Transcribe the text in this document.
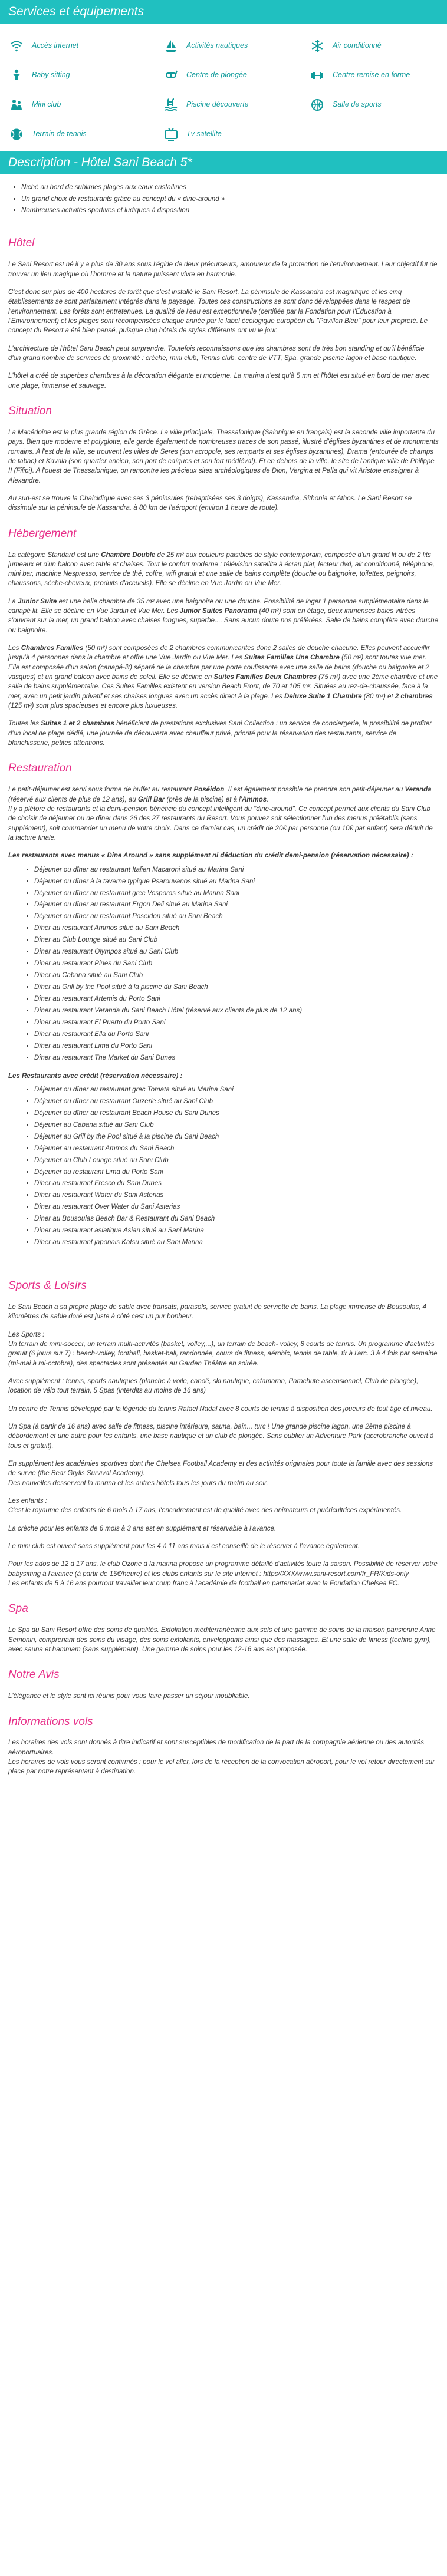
Services et équipements
Accès internet	Activités nautiques	Air conditionné
Baby sitting	Centre de plongée	Centre remise en forme
Mini club	Piscine découverte	Salle de sports
Terrain de tennis	Tv satellite
Description - Hôtel Sani Beach 5*
• Niché au bord de sublimes plages aux eaux cristallines
• Un grand choix de restaurants grâce au concept du « dine-around »
• Nombreuses activités sportives et ludiques à disposition
Hôtel

Le Sani Resort est né il y a plus de 30 ans sous l'égide de deux précurseurs, amoureux de la protection de l'environnement. Leur objectif fut de trouver un lieu magique où l'homme et la nature puissent vivre en harmonie.

C'est donc sur plus de 400 hectares de forêt que s'est installé le Sani Resort. La péninsule de Kassandra est magnifique et les cinq établissements se sont parfaitement intégrés dans le paysage. Toutes ces constructions se sont donc développées dans le respect de l'environnement. Les forêts sont entretenues. La qualité de l'eau est exceptionnelle (certifiée par la Fondation pour l'Éducation à l'Environnement) et les plages sont récompensées chaque année par le label écologique européen du "Pavillon Bleu" pour leur propreté. Le concept du Resort a été bien pensé, puisque cinq hôtels de styles différents ont vu le jour.

L'architecture de l'hôtel Sani Beach peut surprendre. Toutefois reconnaissons que les chambres sont de très bon standing et qu'il bénéficie d'un grand nombre de services de proximité : crèche, mini club, Tennis club, centre de VTT, Spa, grande piscine lagon et base nautique.

L'hôtel a créé de superbes chambres à la décoration élégante et moderne. La marina n'est qu'à 5 mn et l'hôtel est situé en bord de mer avec une plage, immense et sauvage.

Situation

La Macédoine est la plus grande région de Grèce. La ville principale, Thessalonique (Salonique en français) est la seconde ville importante du pays. Bien que moderne et polyglotte, elle garde également de nombreuses traces de son passé, illustré d'églises byzantines et de monuments romains. A l'est de la ville, se trouvent les villes de Seres (son acropole, ses remparts et ses églises byzantines), Drama (entourée de champs de tabac) et Kavala (son quartier ancien, son port de caïques et son fort médiéval). Et en dehors de la ville, le site de l'antique ville de Philippe II (Filipi). A l'ouest de Thessalonique, on rencontre les précieux sites archéologiques de Dion, Vergina et Pella qui vit Aristote enseigner à Alexandre.

Au sud-est se trouve la Chalcidique avec ses 3 péninsules (rebaptisées ses 3 doigts), Kassandra, Sithonia et Athos. Le Sani Resort se dissimule sur la péninsule de Kassandra, à 80 km de l'aéroport (environ 1 heure de route).

Hébergement

La catégorie Standard est une Chambre Double de 25 m² aux couleurs paisibles de style contemporain, composée d'un grand lit ou de 2 lits jumeaux et d'un balcon avec table et chaises. Tout le confort moderne : télévision satellite à écran plat, lecteur dvd, air conditionné, téléphone, mini bar, machine Nespresso, service de thé, coffre, wifi gratuit et une salle de bains complète (douche ou baignoire, toilettes, peignoirs, chaussons, sèche-cheveux, produits d'accueils). Elle se décline en Vue Jardin ou Vue Mer.

La Junior Suite est une belle chambre de 35 m² avec une baignoire ou une douche. Possibilité de loger 1 personne supplémentaire dans le canapé lit. Elle se décline en Vue Jardin et Vue Mer. Les Junior Suites Panorama (40 m²) sont en étage, deux immenses baies vitrées s'ouvrent sur la mer, un grand balcon avec chaises longues, superbe.... Sans aucun doute nos préférées. Salle de bains complète avec douche ou baignoire.

Les Chambres Familles (50 m²) sont composées de 2 chambres communicantes donc 2 salles de douche chacune. Elles peuvent accueillir jusqu'à 4 personnes dans la chambre et offre une Vue Jardin ou Vue Mer. Les Suites Familles Une Chambre (50 m²) sont toutes vue mer. Elle est composée d'un salon (canapé-lit) séparé de la chambre par une porte coulissante avec une salle de bains (douche ou baignoire et 2 vasques) et un grand balcon avec bains de soleil. Elle se décline en Suites Familles Deux Chambres (75 m²) avec une 2ème chambre et une salle de bains supplémentaire. Ces Suites Familles existent en version Beach Front, de 70 et 105 m². Situées au rez-de-chaussée, face à la mer, avec un petit jardin privatif et ses chaises longues avec un accès direct à la plage. Les Deluxe Suite 1 Chambre (80 m²) et 2 chambres (125 m²) sont plus spacieuses et encore plus luxueuses.

Toutes les Suites 1 et 2 chambres bénéficient de prestations exclusives Sani Collection : un service de conciergerie, la possibilité de profiter d'un local de plage dédié, une journée de découverte avec chauffeur privé, priorité pour la réservation des restaurants, service de blanchisserie, petites attentions.

Restauration

Le petit-déjeuner est servi sous forme de buffet au restaurant Poséidon. Il est également possible de prendre son petit-déjeuner au Veranda (réservé aux clients de plus de 12 ans), au Grill Bar (près de la piscine) et à l'Ammos.

Il y a plétore de restaurants et la demi-pension bénéficie du concept intelligent du "dine-around". Ce concept permet aux clients du Sani Club de choisir de déjeuner ou de dîner dans 26 des 27 restaurants du Resort. Vous pouvez soit sélectionner l'un des menus préétablis (sans supplément), soit commander un menu de votre choix. Dans ce dernier cas, un crédit de 20€ par personne (ou 10€ par enfant) sera déduit de la facture finale.

Les restaurants avec menus « Dine Around » sans supplément ni déduction du crédit demi-pension (réservation nécessaire) :

• Déjeuner ou dîner au restaurant Italien Macaroni situé au Marina Sani
• Déjeuner ou dîner à la taverne typique Psarouvanos situé au Marina Sani
• Déjeuner ou dîner au restaurant grec Vosporos situé au Marina Sani
• Déjeuner ou dîner au restaurant Ergon Deli situé au Marina Sani
• Déjeuner ou dîner au restaurant Poseidon situé au Sani Beach
• Dîner au restaurant Ammos situé au Sani Beach
• Dîner au Club Lounge situé au Sani Club
• Dîner au restaurant Olympos situé au Sani Club
• Dîner au restaurant Pines du Sani Club
• Dîner au Cabana situé au Sani Club
• Dîner au Grill by the Pool situé à la piscine du Sani Beach
• Dîner au restaurant Artemis du Porto Sani
• Dîner au restaurant Veranda du Sani Beach Hôtel (réservé aux clients de plus de 12 ans)
• Dîner au restaurant El Puerto du Porto Sani
• Dîner au restaurant Ella du Porto Sani
• Dîner au restaurant Lima du Porto Sani
• Dîner au restaurant The Market du Sani Dunes

Les Restaurants avec crédit (réservation nécessaire) :

• Déjeuner ou dîner au restaurant grec Tomata situé au Marina Sani
• Déjeuner ou dîner au restaurant Ouzerie situé au Sani Club
• Déjeuner ou dîner au restaurant Beach House du Sani Dunes
• Déjeuner au Cabana situé au Sani Club
• Déjeuner au Grill by the Pool situé à la piscine du Sani Beach
• Déjeuner au restaurant Ammos du Sani Beach
• Déjeuner au Club Lounge situé au Sani Club
• Déjeuner au restaurant Lima du Porto Sani
• Dîner au restaurant Fresco du Sani Dunes
• Dîner au restaurant Water du Sani Asterias
• Dîner au restaurant Over Water du Sani Asterias
• Dîner au Bousoulas Beach Bar & Restaurant du Sani Beach
• Dîner au restaurant asiatique Asian situé au Sani Marina
• Dîner au restaurant japonais Katsu situé au Sani Marina
Sports & Loisirs

Le Sani Beach a sa propre plage de sable avec transats, parasols, service gratuit de serviette de bains. La plage immense de Bousoulas, 4 kilomètres de sable doré est juste à côté cest un pur bonheur.

Les Sports :
Un terrain de mini-soccer, un terrain multi-activités (basket, volley,...), un terrain de beach- volley, 8 courts de tennis. Un programme d'activités gratuit (6 jours sur 7) : beach-volley, football, basket-ball, randonnée, cours de fitness, aérobic, tennis de table, tir à l'arc. 3 à 4 fois par semaine (mi-mai à mi-octobre), des spectacles sont présentés au Garden Théâtre en soirée.

Avec supplément : tennis, sports nautiques (planche à voile, canoë, ski nautique, catamaran, Parachute ascensionnel, Club de plongée), location de vélo tout terrain, 5 Spas (interdits au moins de 16 ans)

Un centre de Tennis développé par la légende du tennis Rafael Nadal avec 8 courts de tennis à disposition des joueurs de tout âge et niveau.

Un Spa (à partir de 16 ans) avec salle de fitness, piscine intérieure, sauna, bain... turc ! Une grande piscine lagon, une 2ème piscine à débordement et une autre pour les enfants, une base nautique et un club de plongée. Sans oublier un Adventure Park (accrobranche ouvert à tous et gratuit).

En supplément les académies sportives dont the Chelsea Football Academy et des activités originales pour toute la famille avec des sessions de survie (the Bear Grylls Survival Academy).
Des nouvelles desservent la marina et les autres hôtels tous les jours du matin au soir.

Les enfants :
C'est le royaume des enfants de 6 mois à 17 ans, l'encadrement est de qualité avec des animateurs et puéricultrices expérimentés.

La crèche pour les enfants de 6 mois à 3 ans est en supplément et réservable à l'avance.

Le mini club est ouvert sans supplément pour les 4 à 11 ans mais il est conseillé de le réserver à l'avance également.

Pour les ados de 12 à 17 ans, le club Ozone à la marina propose un programme détaillé d'activités toute la saison. Possibilité de réserver votre babysitting à l'avance (à partir de 15€/heure) et les clubs enfants sur le site internet : https//XXX/www.sani-resort.com/fr_FR/Kids-only
Les enfants de 5 à 16 ans pourront travailler leur coup franc à l'académie de football en partenariat avec la Fondation Chelsea FC.

Spa

Le Spa du Sani Resort offre des soins de qualités. Exfoliation méditerranéenne aux sels et une gamme de soins de la maison parisienne Anne Semonin, comprenant des soins du visage, des soins exfoliants, enveloppants ainsi que des massages. Et une salle de fitness (techno gym), avec sauna et hammam (sans supplément). Une gamme de soins pour les 12-16 ans est proposée.

Notre Avis

L'élégance et le style sont ici réunis pour vous faire passer un séjour inoubliable.

Informations vols

Les horaires des vols sont donnés à titre indicatif et sont susceptibles de modification de la part de la compagnie aérienne ou des autorités aéroportuaires.
Les horaires de vols vous seront confirmés : pour le vol aller, lors de la réception de la convocation aéroport, pour le vol retour directement sur place par notre représentant à destination.
